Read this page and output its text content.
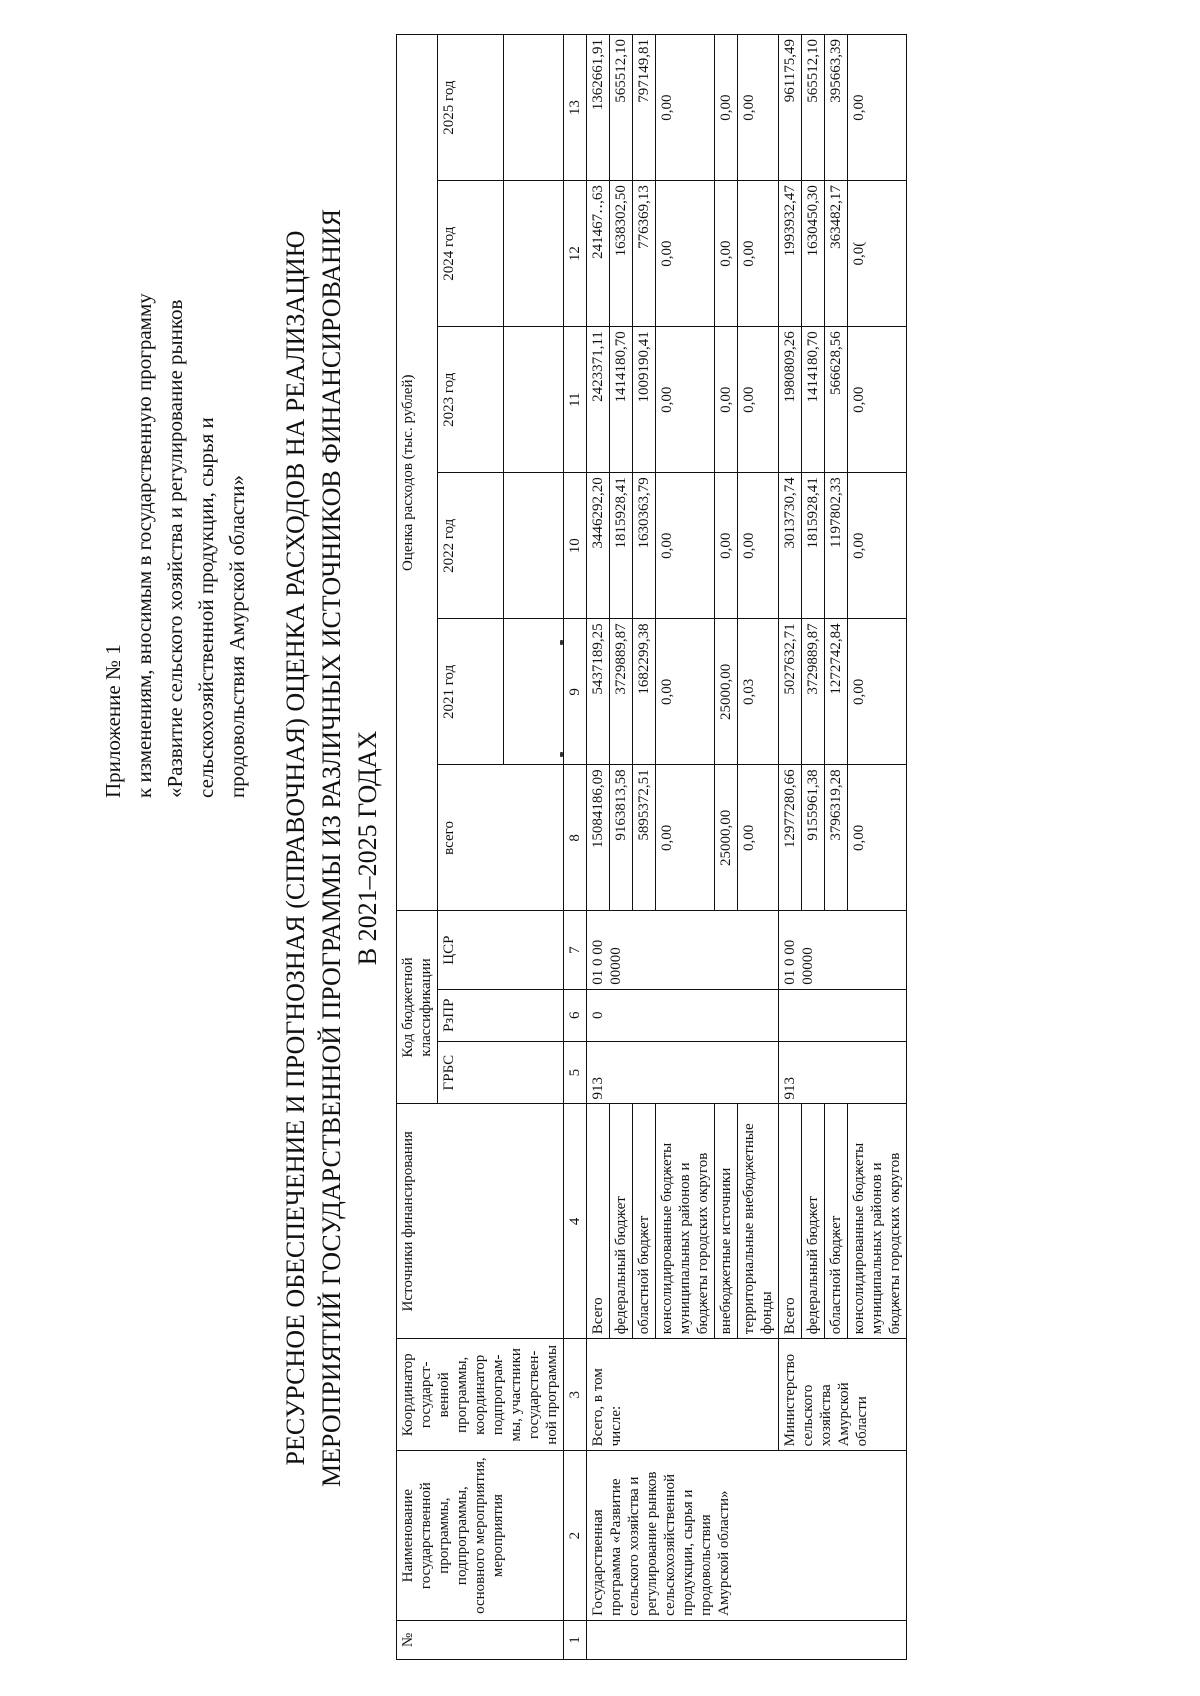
Приложение № 1 к изменениям, вносимым в государственную программу «Развитие сельского хозяйства и регулирование рынков сельскохозяйственной продукции, сырья и продовольствия Амурской области» РЕСУРСНОЕ ОБЕСПЕЧЕНИЕ И ПРОГНОЗНАЯ (СПРАВОЧНАЯ) ОЦЕНКА РАСХОДОВ НА РЕАЛИЗАЦИЮ МЕРОПРИЯТИЙ ГОСУДАРСТВЕННОЙ ПРОГРАММЫ ИЗ РАЗЛИЧНЫХ ИСТОЧНИКОВ ФИНАНСИРОВАНИЯ В 2021–2025 ГОДАХ
№	Наименование государственной программы, подпрограммы, основного мероприятия, мероприятия	Координатор государст-венной программы, координатор подпрограм-мы, участники государствен-ной программы	Источники финансирования	Код бюджетной классификации			Оценка расходов (тыс. рублей)					
				ГРБС	РзПР	ЦСР	всего	2021 год	2022 год	2023 год	2024 год	2025 год

1	2	3	4	5	6	7	8	9	10	11	12	13
	Государственная программа «Развитие сельского хозяйства и регулирование рынков сельскохозяйственной продукции, сырья и продовольствия Амурской области»	Всего, в том числе:	Всего	913	0	01 0 00 00000	15084186,09	5437189,25	3446292,20	2423371,11	241467‥,63	1362661,91
			федеральный бюджет				9163813,58	3729889,87	1815928,41	1414180,70	1638302,50	565512,10
			областной бюджет				5895372,51	1682299,38	1630363,79	1009190,41	776369,13	797149,81
			консолидированные бюджеты муниципальных районов и бюджеты городских округов				0,00	0,00	0,00	0,00	0,00	0,00
			внебюджетные источники				25000,00	25000,00	0,00	0,00	0,00	0,00
			территориальные внебюджетные фонды				0,00	0,03	0,00	0,00	0,00	0,00
		Министерство сельского хозяйства Амурской области	Всего	913		01 0 00 00000	12977280,66	5027632,71	3013730,74	1980809,26	1993932,47	961175,49
			федеральный бюджет				9155961,38	3729889,87	1815928,41	1414180,70	1630450,30	565512,10
			областной бюджет				3796319,28	1272742,84	1197802,33	566628,56	363482,17	395663,39
			консолидированные бюджеты муниципальных районов и бюджеты городских округов				0,00	0,00	0,00	0,00	0,0(	0,00
